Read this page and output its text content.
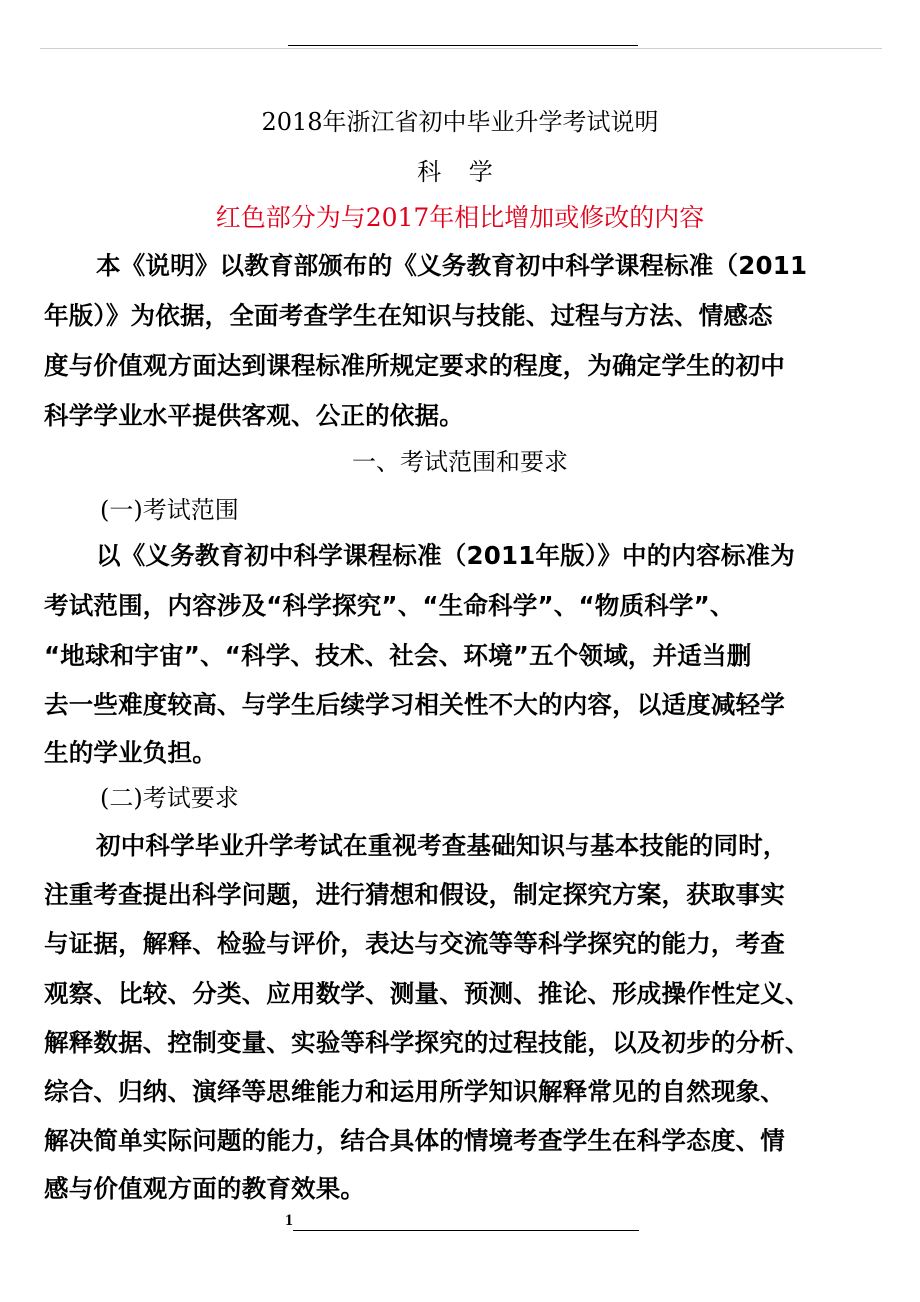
2018年浙江省初中毕业升学考试说明
科 学
红色部分为与2017年相比增加或修改的内容
本《说明》以教育部颁布的《义务教育初中科学课程标准（2011
年版）》为依据，全面考查学生在知识与技能、过程与方法、情感态
度与价值观方面达到课程标准所规定要求的程度，为确定学生的初中
科学学业水平提供客观、公正的依据。
一、考试范围和要求
(一)考试范围
以《义务教育初中科学课程标准（2011年版）》中的内容标准为
考试范围，内容涉及“科学探究”、“生命科学”、“物质科学”、
“地球和宇宙”、“科学、技术、社会、环境”五个领域，并适当删
去一些难度较高、与学生后续学习相关性不大的内容，以适度减轻学
生的学业负担。
(二)考试要求
初中科学毕业升学考试在重视考查基础知识与基本技能的同时，
注重考查提出科学问题，进行猜想和假设，制定探究方案，获取事实
与证据，解释、检验与评价，表达与交流等等科学探究的能力，考查
观察、比较、分类、应用数学、测量、预测、推论、形成操作性定义、
解释数据、控制变量、实验等科学探究的过程技能，以及初步的分析、
综合、归纳、演绎等思维能力和运用所学知识解释常见的自然现象、
解决简单实际问题的能力，结合具体的情境考查学生在科学态度、情
感与价值观方面的教育效果。
1
